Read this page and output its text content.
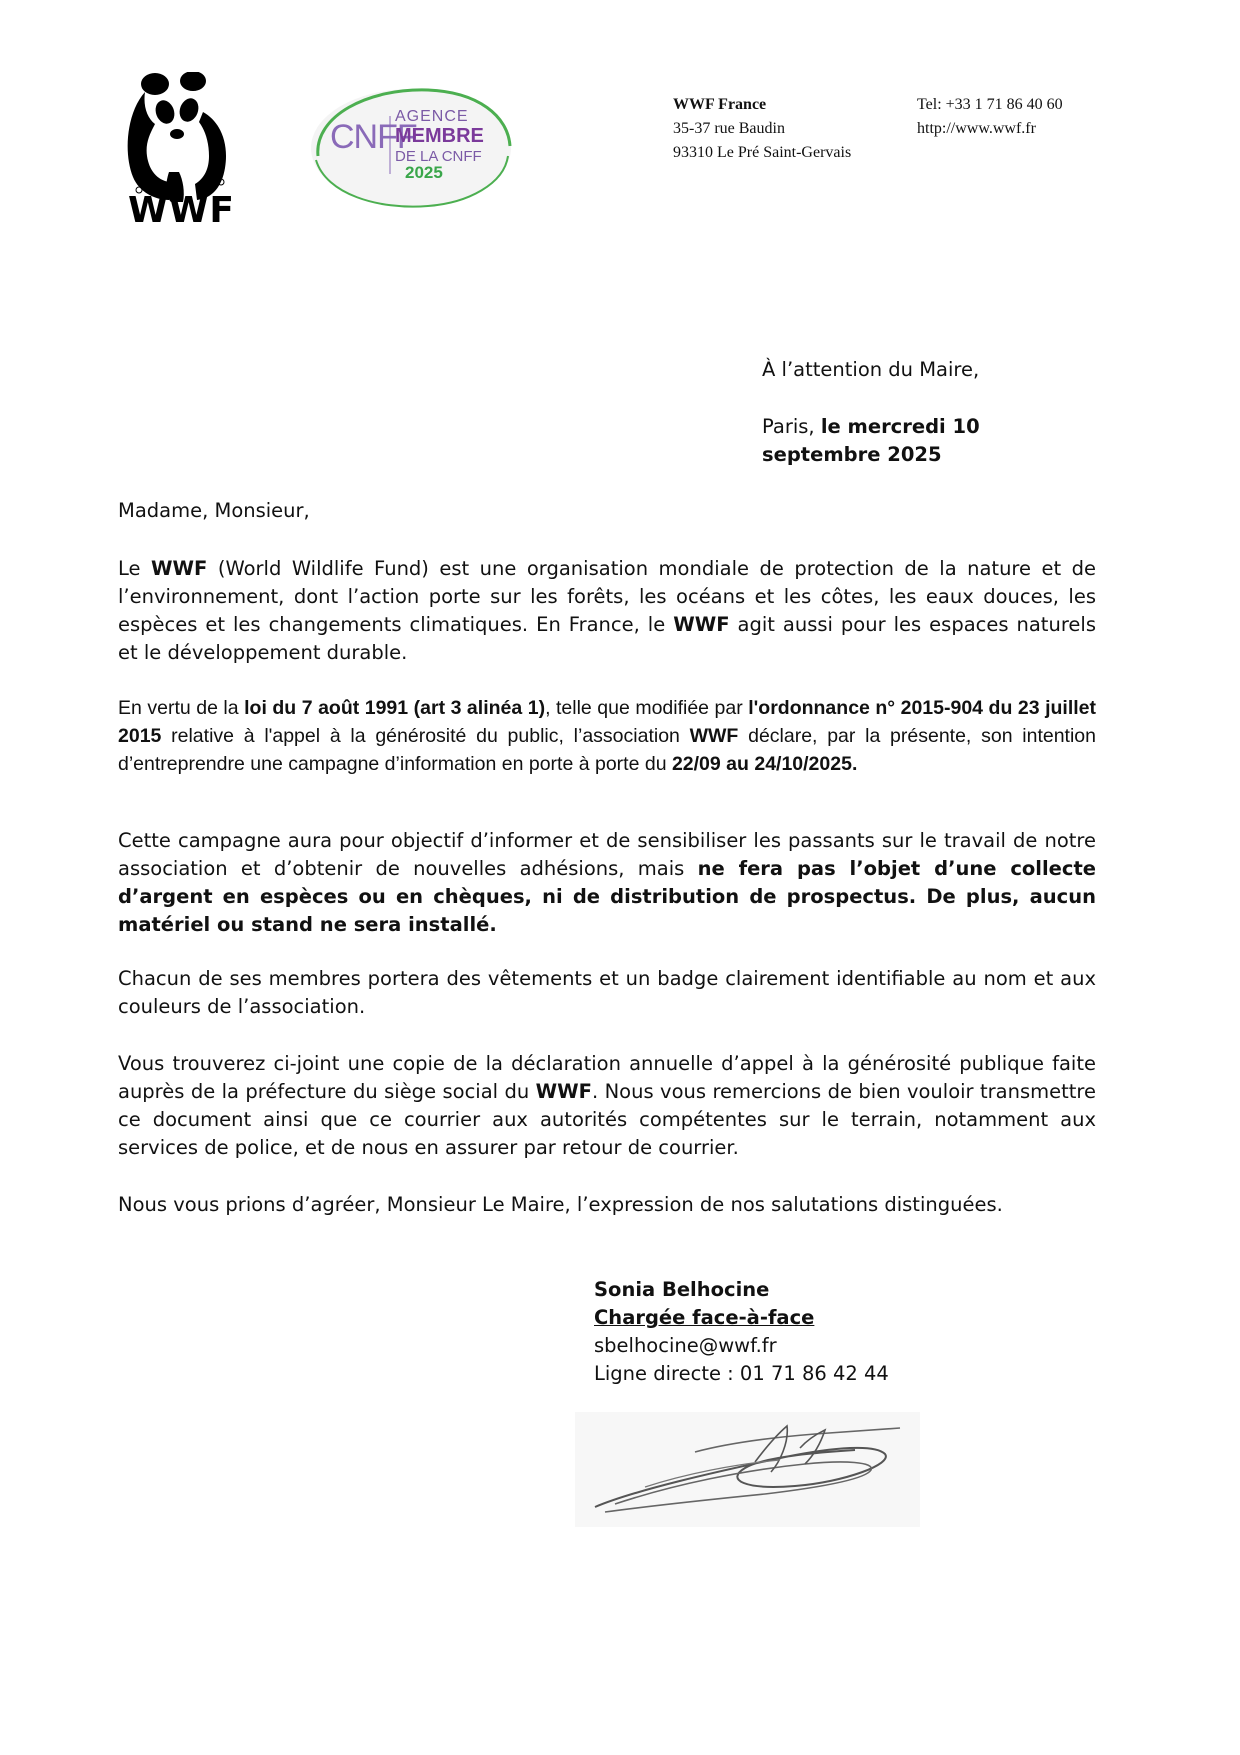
WWF
CNFF
AGENCE
MEMBRE
DE LA CNFF
2025
WWF France
35-37 rue Baudin
93310 Le Pré Saint-Gervais
Tel: +33 1 71 86 40 60
http://www.wwf.fr
À l’attention du Maire,
Paris, le mercredi 10 septembre 2025
Madame, Monsieur,
Le WWF (World Wildlife Fund) est une organisation mondiale de protection de la nature et de l’environnement, dont l’action porte sur les forêts, les océans et les côtes, les eaux douces, les espèces et les changements climatiques. En France, le WWF agit aussi pour les espaces naturels et le développement durable.
En vertu de la loi du 7 août 1991 (art 3 alinéa 1), telle que modifiée par l'ordonnance n° 2015-904 du 23 juillet 2015 relative à l'appel à la générosité du public, l’association WWF déclare, par la présente, son intention d’entreprendre une campagne d’information en porte à porte du 22/09 au 24/10/2025.
Cette campagne aura pour objectif d’informer et de sensibiliser les passants sur le travail de notre association et d’obtenir de nouvelles adhésions, mais ne fera pas l’objet d’une collecte d’argent en espèces ou en chèques, ni de distribution de prospectus. De plus, aucun matériel ou stand ne sera installé.
Chacun de ses membres portera des vêtements et un badge clairement identifiable au nom et aux couleurs de l’association.
Vous trouverez ci-joint une copie de la déclaration annuelle d’appel à la générosité publique faite auprès de la préfecture du siège social du WWF. Nous vous remercions de bien vouloir transmettre ce document ainsi que ce courrier aux autorités compétentes sur le terrain, notamment aux services de police, et de nous en assurer par retour de courrier.
Nous vous prions d’agréer, Monsieur Le Maire, l’expression de nos salutations distinguées.
Sonia Belhocine
Chargée face-à-face
sbelhocine@wwf.fr
Ligne directe : 01 71 86 42 44
